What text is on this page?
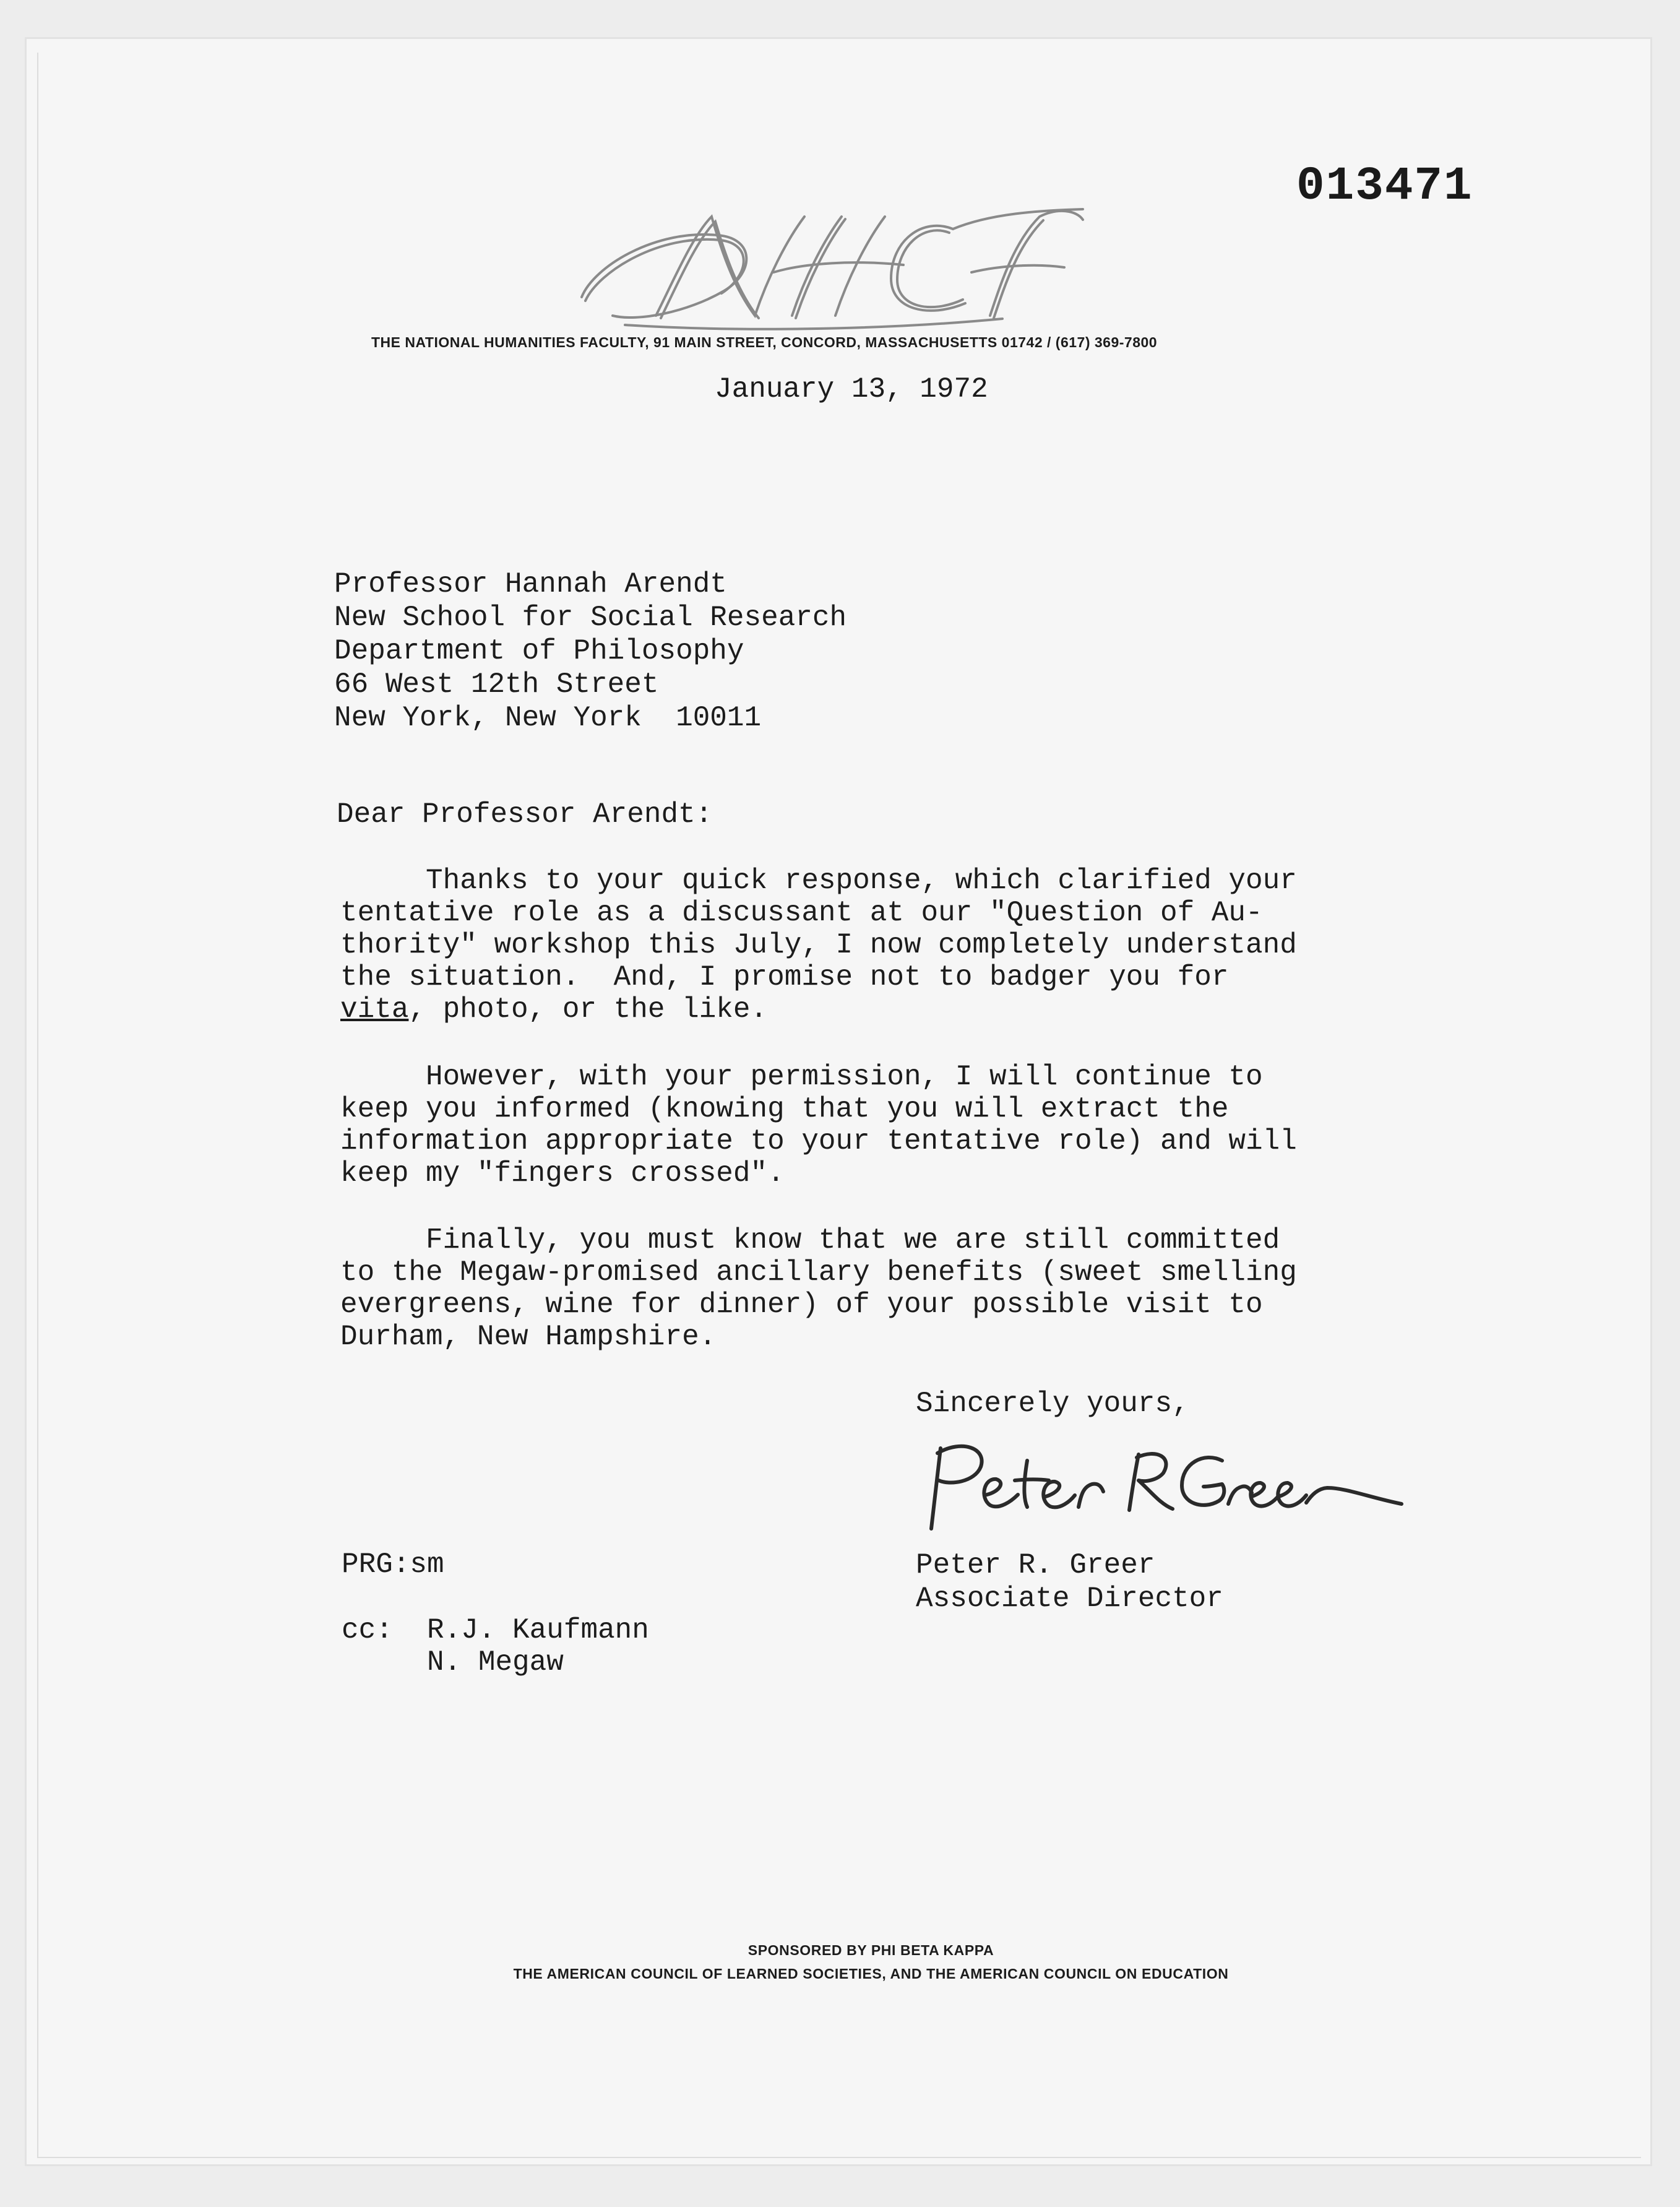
013471
THE NATIONAL HUMANITIES FACULTY, 91 MAIN STREET, CONCORD, MASSACHUSETTS 01742 / (617) 369-7800
January 13, 1972
Professor Hannah Arendt
New School for Social Research
Department of Philosophy
66 West 12th Street
New York, New York  10011
Dear Professor Arendt:
Thanks to your quick response, which clarified your
tentative role as a discussant at our "Question of Au-
thority" workshop this July, I now completely understand
the situation.  And, I promise not to badger you for
vita, photo, or the like.
However, with your permission, I will continue to
keep you informed (knowing that you will extract the
information appropriate to your tentative role) and will
keep my "fingers crossed".
Finally, you must know that we are still committed
to the Megaw-promised ancillary benefits (sweet smelling
evergreens, wine for dinner) of your possible visit to
Durham, New Hampshire.
Sincerely yours,
Peter R. Greer
Associate Director
PRG:sm
cc:  R.J. Kaufmann
N. Megaw
SPONSORED BY PHI BETA KAPPA
THE AMERICAN COUNCIL OF LEARNED SOCIETIES, AND THE AMERICAN COUNCIL ON EDUCATION
